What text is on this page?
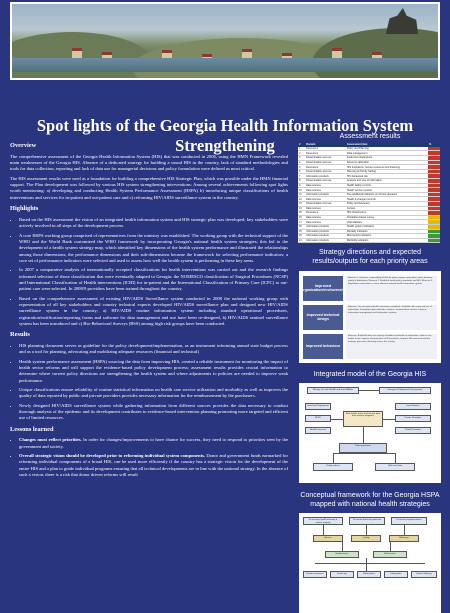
Spot lights of the Georgia Health Information System Strengthening
Overview

The comprehensive assessment of the Georgia Health Information System (HIS) that was conducted in 2006, using the HMN Framework revealed main weaknesses of the Georgia HIS. Absence of a dedicated strategy for building a sound HIS in the country, lack of standard methodologies and tools for data collection, reporting and lack of data use for managerial decisions and policy formulation were defined as most critical.

The HIS assessment results were used as a foundation for building a comprehensive HIS Strategic Plan, which was possible under the HMN financial support. The Plan development was followed by various HIS system strengthening interventions: Among several achievements following spot lights worth mentioning: a) developing and conducting Health System Performance Assessment (HSPA) b) introducing unique classifications of health interventions and services for in-patient and out-patient care and c) reforming HIV/AIDS surveillance system in the country.

Highlights
• Based on the HIS assessment the vision of an integrated health information system and HIS strategic plan was developed; key stakeholders were actively involved in all steps of the development process.
• A core HSPA working group comprised of representatives from the ministry was established. The working group with the technical support of the WHO and the World Bank customized the WHO framework by incorporating Georgia's national health system strategies; this led to the development of a health system strategy map, which identified key dimensions of the health system performance and illustrated the relationships among those dimensions; the performance dimensions and their sub-dimensions became the framework for selecting performance indicators; a core set of performance indicators were selected and used to assess how well the health system is performing in these key areas.
• In 2007 a comparative analysis of internationally accepted classifications for health interventions was carried out and the research findings informed selection of those classification that were eventually adapted to Georgia: the NOMESCO classification of Surgical Procedures (NCSP) and International Classification of Health interventions (ICHI) for in-patient and the International Classification of Primary Care (ICPC) to out-patient care were selected. In 2008/9 providers have been trained throughout the country.
• Based on the comprehensive assessment of existing HIV/AIDS Surveillance system conducted in 2008 the national working group with representation of all key stakeholders and country technical experts developed HIV/AIDS surveillance plan and designed new HIV/AIDS surveillance system in the country; a) HIV/AIDS routine information system including standard operational procedures, registration/notification/reporting forms and software for data management and use have been re-designed, b) HIV/AIDS sentinel surveillance system has been introduced and c) Bio-Behavioral Surveys (BSS) among high risk groups have been conducted.
Results
• HIS planning document serves as guideline for the policy development/implementation, as an instrument informing annual state budget process and as a tool for planning, advocating and mobilizing adequate resources (financial and technical)
• Health system performance assessment (HSPA) sourcing the data from improving HIS, created a reliable instrument for monitoring the impact of health sector reforms and will support the evidence-based policy development process; assessment results provides crucial information to determine where current policy directions are strengthening the health system and where adjustments to policies are needed to improve weak performance.
• Unique classifications ensure reliability of routine statistical information on health care service utilization and morbidity as well as improves the quality of data reported by public and private providers provides necessary information for the reimbursement by the purchasers.
• Newly designed HIV/AIDS surveillance system while gathering information from different sources provides the data necessary to conduct thorough analysis of the epidemic and its development contributes to evidence-based intervention planning promoting more targeted and efficient use of limited resources.
Lessons learned
• Changes must reflect priorities. In order for changes/improvements to have chance for success, they need to respond to priorities seen by the government and society.
• Overall strategic vision should be developed prior to reforming individual system components. Donor and government funds earmarked for reforming individual components of a broad HIS, can be used more efficiently if the country has a strategic vision for the development of the entire HIS and a plan to guide individual programs ensuring that all technical developments are in line with the national strategy. In the absence of such a vision, there is a risk that donor driven reforms will result

Assessment results

#	Domain	Assessment item	%
1	Resources	Policy and Planning	
2	Resources	Data management	
3	Dissemination and use	Implement.sharing/use	
4	Dissemination and use	Resource allocation	
5	Resources	HIS Institutions, human resources and financing	
6	Dissemination and use	Planning & Priority Setting	
7	Information products	HIV behavioral risk	
8	Dissemination and use	Analysis and Use of information	
9	Data sources	Health facility records	
10	Data sources	Health service records	
11	Information products	Five additional indicators on chronic diseases	
12	Data sources	Health & changes records	
13	Dissemination and use	Policy and Advocacy	
14	Data sources	Census	
15	Resources	HIS infrastructure	
16	Data sources	Population based survey	
17	Data sources	Vital statistics	
18	Information products	Health system indicators	
19	Information products	Mortality indicators	
20	Information products	Risk factors indicators	
21	Information products	Morbidity indicators	

Strategy directions and expected results/outputs for each priority areas

Improved organization/environment
Measure 1: Enhance responsibility of HIS for policy, regions and make it more fair/more equity of distribution. Measure 2: Establish health policy standards and HIS. Measure 3: Regulations and enforce a more effective national health information system.
Improved technical design
Measure: Use of national health information standards. Establish data entry and use of information. Strengthen data collection, analysis, dissemination and use. Improve information management and information systems.
Improved behaviour
Measure: Build HIS data use capacity. Establish and build an information culture in the health sector. Improve dissemination of HIS products. Improve HIS and work with the strategic plan more efficiently across the country.

Integrated model of the Georgia HIS

Ministry of Labor Health and Social Affairs	Georgian Parliament & Government
Statistical Department
NCDC
Health Insurance
Both health status and service data from various programs
Local Govern.
Private Providers
Public Providers
Data warehouse
Policy makers	Web site Data

Conceptual framework for the Georgia HSPA mapped with national health strategies

To increase health outcome & reduce inequity
To ensure financial protection	To ensure responsiveness
Access	Quality	Efficiency
Health status	Risk factors
Human resources	Financing	Governance	Information	Service delivery
